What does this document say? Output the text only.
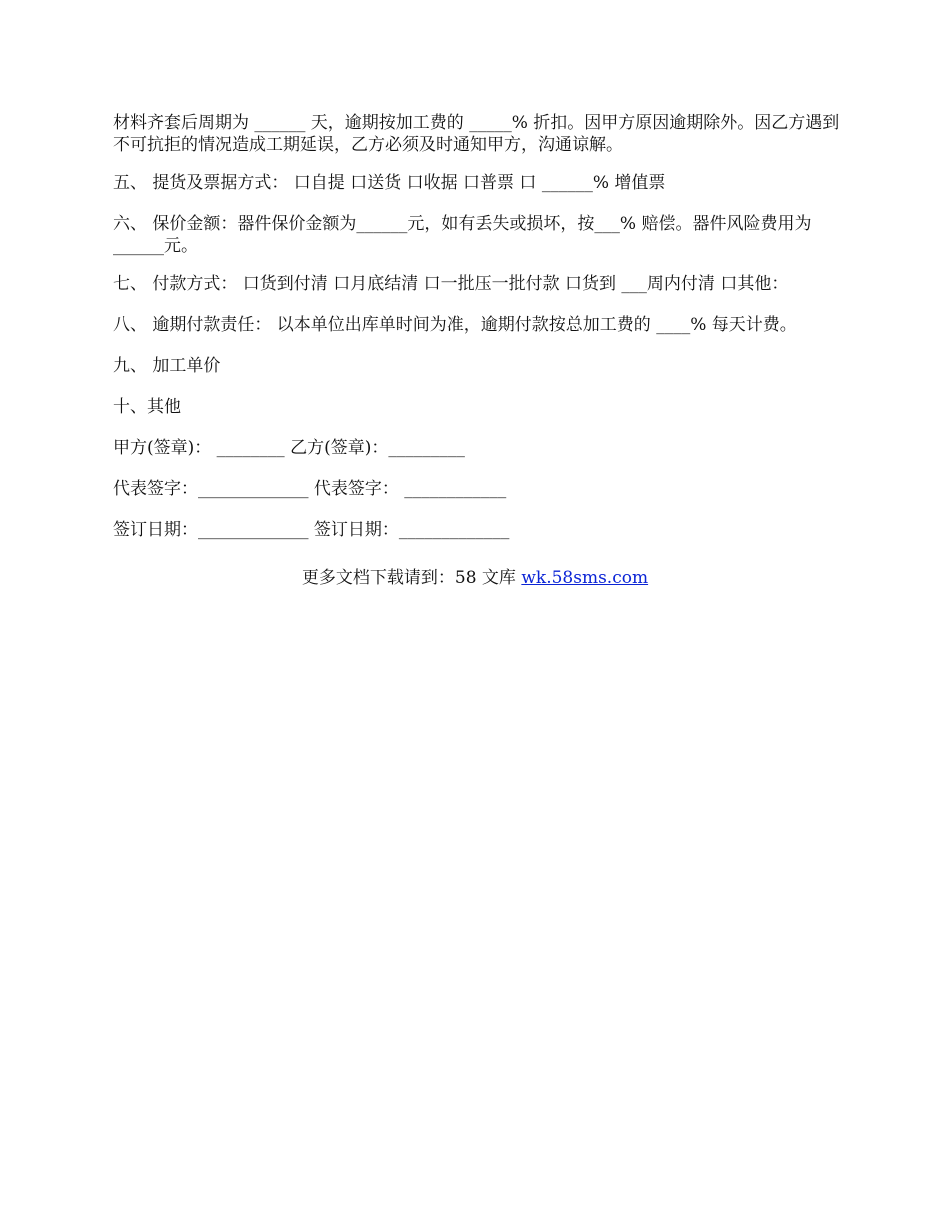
材料齐套后周期为 ______ 天，逾期按加工费的 _____% 折扣。因甲方原因逾期除外。因乙方遇到不可抗拒的情况造成工期延误，乙方必须及时通知甲方，沟通谅解。

五、 提货及票据方式： 口自提 口送货 口收据 口普票 口 ______% 增值票

六、 保价金额：器件保价金额为______元，如有丢失或损坏，按___% 赔偿。器件风险费用为______元。

七、 付款方式： 口货到付清 口月底结清 口一批压一批付款 口货到 ___周内付清 口其他：

八、 逾期付款责任： 以本单位出库单时间为准，逾期付款按总加工费的 ____% 每天计费。

九、 加工单价

十、其他

甲方(签章)： ________ 乙方(签章)：_________

代表签字：_____________ 代表签字： ____________

签订日期：_____________ 签订日期：_____________

更多文档下载请到：58 文库 wk.58sms.com
